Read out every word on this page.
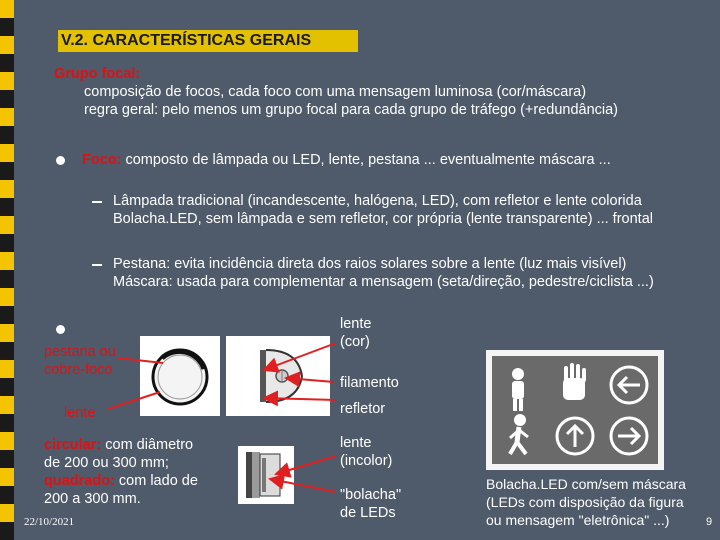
V.2. CARACTERÍSTICAS GERAIS
Grupo focal:
composição de focos, cada foco com uma mensagem luminosa (cor/máscara)
regra geral: pelo menos um grupo focal para cada grupo de tráfego (+redundância)
Foco: composto de lâmpada ou LED, lente, pestana ... eventualmente máscara ...
Lâmpada tradicional (incandescente, halógena, LED), com refletor e lente colorida
Bolacha.LED, sem lâmpada e sem refletor, cor própria (lente transparente) ... frontal
Pestana: evita incidência direta dos raios solares sobre a lente (luz mais visível)
Máscara: usada para complementar a mensagem (seta/direção, pedestre/ciclista ...)
pestana ou
cobre-foco
lente
circular: com diâmetro
de 200 ou 300 mm;
quadrado: com lado de
200 a 300 mm.
lente
(cor)
filamento
refletor
lente
(incolor)
"bolacha"
de LEDs
Bolacha.LED com/sem máscara
(LEDs com disposição da figura
ou mensagem "eletrônica" ...)
22/10/2021	9
